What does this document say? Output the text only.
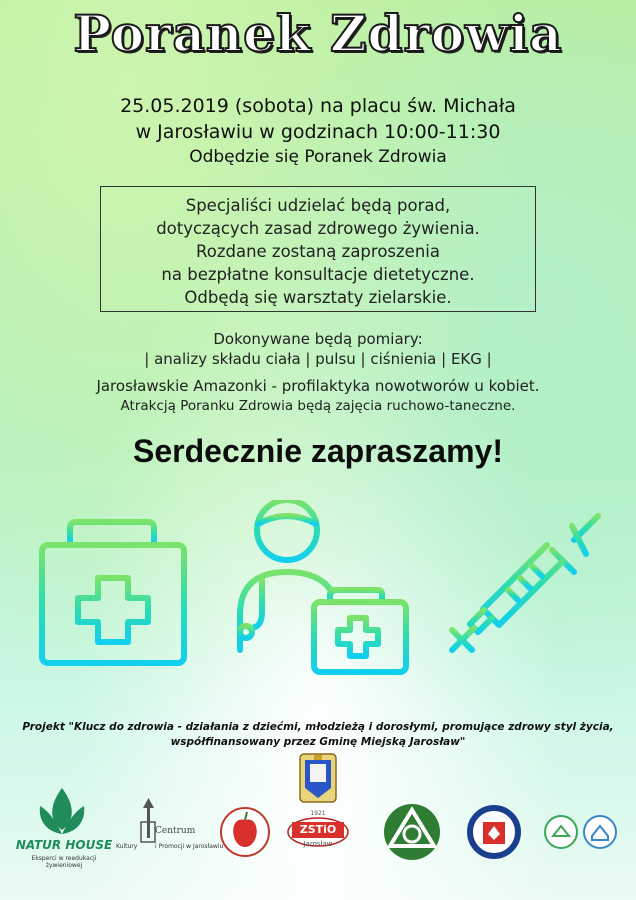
Poranek Zdrowia
25.05.2019 (sobota) na placu św. Michała
w Jarosławiu w godzinach 10:00-11:30
Odbędzie się Poranek Zdrowia
Specjaliści udzielać będą porad,
dotyczących zasad zdrowego żywienia.
Rozdane zostaną zaproszenia
na bezpłatne konsultacje dietetyczne.
Odbędą się warsztaty zielarskie.
Dokonywane będą pomiary:
| analizy składu ciała | pulsu | ciśnienia | EKG |
Jarosławskie Amazonki - profilaktyka nowotworów u kobiet.
Atrakcją Poranku Zdrowia będą zajęcia ruchowo-taneczne.
Serdecznie zapraszamy!
Projekt "Klucz do zdrowia - działania z dziećmi, młodzieżą i dorosłymi, promujące zdrowy styl życia,
współfinansowany przez Gminę Miejską Jarosław"
NATUR HOUSE
Eksperci w reedukacji żywieniowej
Centrum
Kultury	i Promocji w Jarosławiu
ZSTiO
1921
Jarosław
